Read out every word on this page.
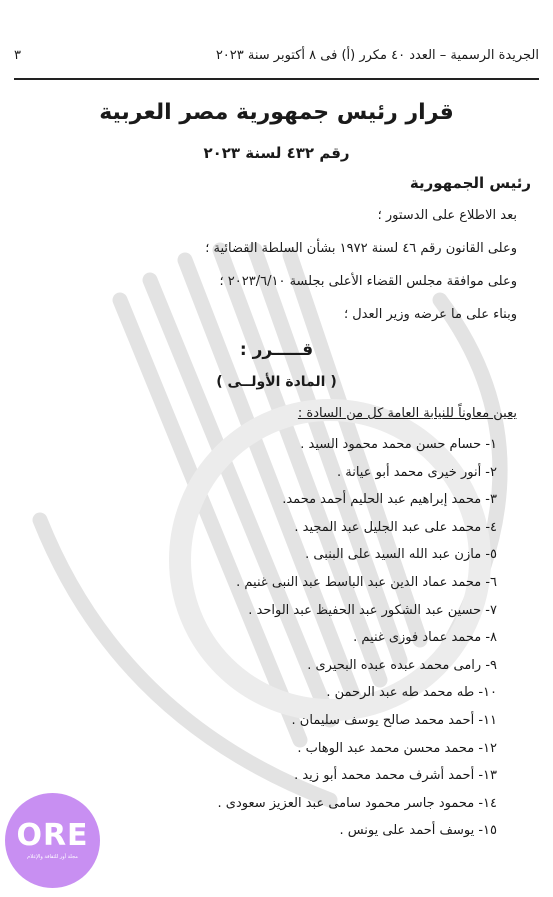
الجريدة الرسمية – العدد ٤٠ مكرر (أ) فى ٨ أكتوبر سنة ٢٠٢٣
٣
قرار رئيس جمهورية مصر العربية
رقم ٤٣٢ لسنة ٢٠٢٣
رئيس الجمهورية
بعد الاطلاع على الدستور ؛
وعلى القانون رقم ٤٦ لسنة ١٩٧٢ بشأن السلطة القضائية ؛
وعلى موافقة مجلس القضاء الأعلى بجلسة ٢٠٢٣/٦/١٠ ؛
وبناء على ما عرضه وزير العدل ؛
قـــــرر :
( المادة الأولــى )
يعين معاوناً للنيابة العامة كل من السادة :
١- حسام حسن محمد محمود السيد .
٢- أنور خيرى محمد أبو عيانة .
٣- محمد إبراهيم عبد الحليم أحمد محمد.
٤- محمد على عبد الجليل عبد المجيد .
٥- مازن عبد الله السيد على البنبى .
٦- محمد عماد الدين عبد الباسط عبد النبى غنيم .
٧- حسين عبد الشكور عبد الحفيظ عبد الواحد .
٨- محمد عماد فوزى غنيم .
٩- رامى محمد عبده عبده البحيرى .
١٠- طه محمد طه عبد الرحمن .
١١- أحمد محمد صالح يوسف سليمان .
١٢- محمد محسن محمد عبد الوهاب .
١٣- أحمد أشرف محمد محمد أبو زيد .
١٤- محمود جاسر محمود سامى عبد العزيز سعودى .
١٥- يوسف أحمد على يونس .
ORE
مجلة أور للثقافة والإعلام
